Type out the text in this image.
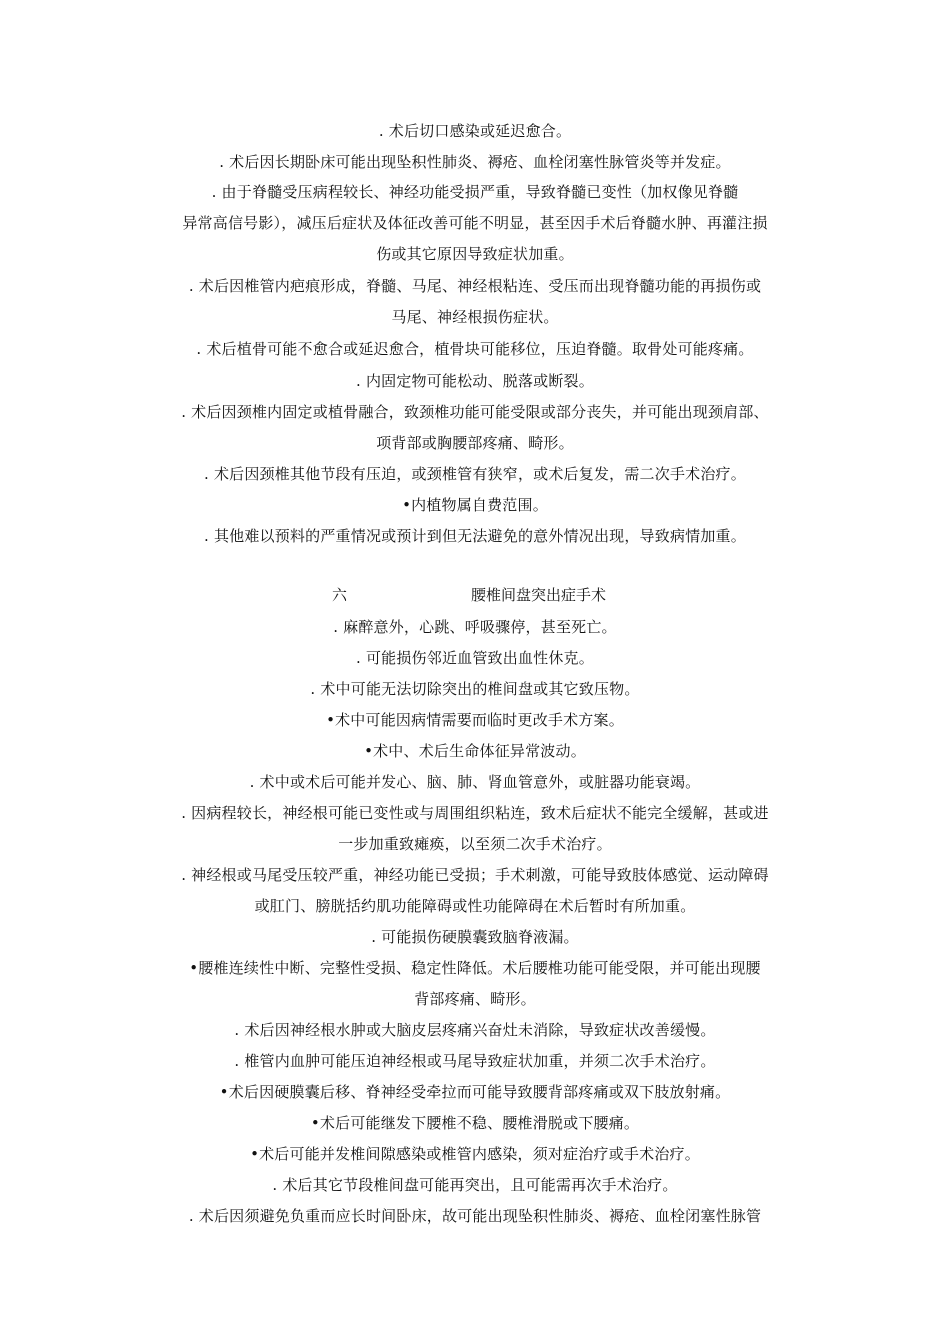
. 术后切口感染或延迟愈合。
. 术后因长期卧床可能出现坠积性肺炎、褥疮、血栓闭塞性脉管炎等并发症。
. 由于脊髓受压病程较长、神经功能受损严重，导致脊髓已变性（加权像见脊髓
异常高信号影），减压后症状及体征改善可能不明显，甚至因手术后脊髓水肿、再灌注损
伤或其它原因导致症状加重。
. 术后因椎管内疤痕形成，脊髓、马尾、神经根粘连、受压而出现脊髓功能的再损伤或
马尾、神经根损伤症状。
. 术后植骨可能不愈合或延迟愈合，植骨块可能移位，压迫脊髓。取骨处可能疼痛。
. 内固定物可能松动、脱落或断裂。
. 术后因颈椎内固定或植骨融合，致颈椎功能可能受限或部分丧失，并可能出现颈肩部、
项背部或胸腰部疼痛、畸形。
. 术后因颈椎其他节段有压迫，或颈椎管有狭窄，或术后复发，需二次手术治疗。
•内植物属自费范围。
. 其他难以预料的严重情况或预计到但无法避免的意外情况出现，导致病情加重。
六	腰椎间盘突出症手术
. 麻醉意外，心跳、呼吸骤停，甚至死亡。
. 可能损伤邻近血管致出血性休克。
. 术中可能无法切除突出的椎间盘或其它致压物。
•术中可能因病情需要而临时更改手术方案。
•术中、术后生命体征异常波动。
. 术中或术后可能并发心、脑、肺、肾血管意外，或脏器功能衰竭。
. 因病程较长，神经根可能已变性或与周围组织粘连，致术后症状不能完全缓解，甚或进
一步加重致瘫痪，以至须二次手术治疗。
. 神经根或马尾受压较严重，神经功能已受损；手术刺激，可能导致肢体感觉、运动障碍
或肛门、膀胱括约肌功能障碍或性功能障碍在术后暂时有所加重。
. 可能损伤硬膜囊致脑脊液漏。
•腰椎连续性中断、完整性受损、稳定性降低。术后腰椎功能可能受限，并可能出现腰
背部疼痛、畸形。
. 术后因神经根水肿或大脑皮层疼痛兴奋灶未消除，导致症状改善缓慢。
. 椎管内血肿可能压迫神经根或马尾导致症状加重，并须二次手术治疗。
•术后因硬膜囊后移、脊神经受牵拉而可能导致腰背部疼痛或双下肢放射痛。
•术后可能继发下腰椎不稳、腰椎滑脱或下腰痛。
•术后可能并发椎间隙感染或椎管内感染，须对症治疗或手术治疗。
. 术后其它节段椎间盘可能再突出，且可能需再次手术治疗。
. 术后因须避免负重而应长时间卧床，故可能出现坠积性肺炎、褥疮、血栓闭塞性脉管
